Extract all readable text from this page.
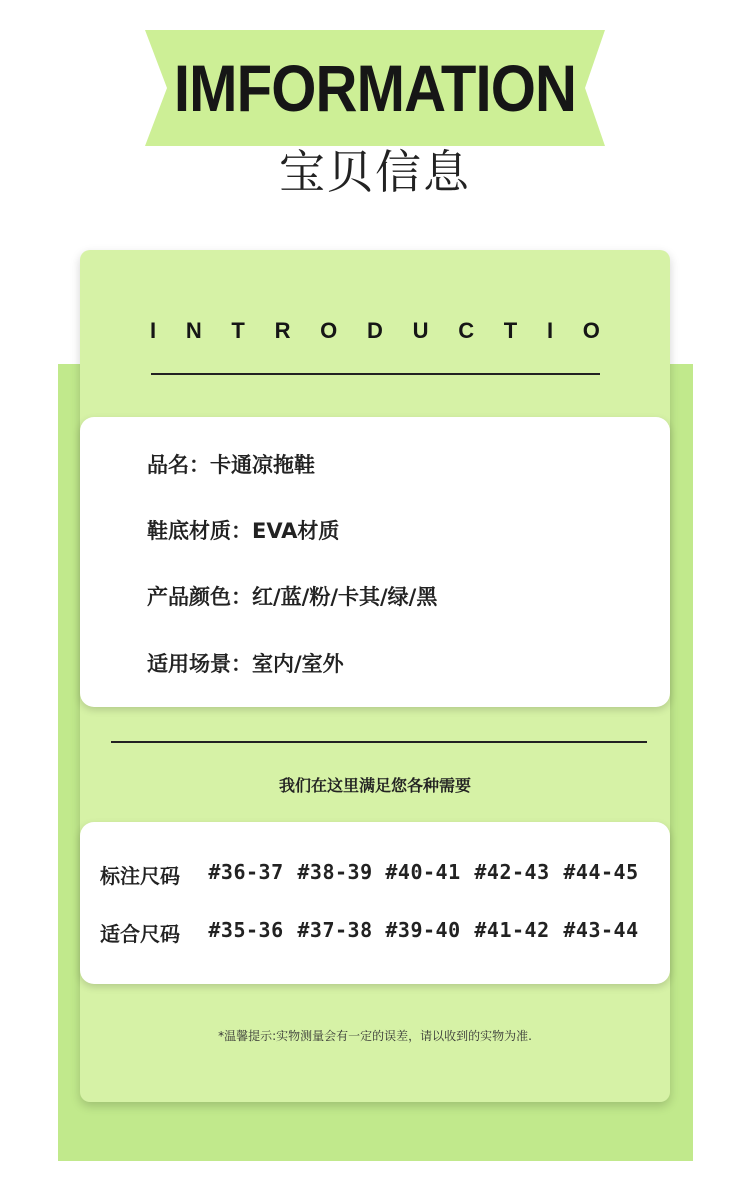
IMFORMATION
宝贝信息
I N T R O D U C T I O
品名：卡通凉拖鞋
鞋底材质：EVA材质
产品颜色：红/蓝/粉/卡其/绿/黑
适用场景：室内/室外
我们在这里满足您各种需要
标注尺码	#36-37 #38-39 #40-41 #42-43 #44-45
适合尺码	#35-36 #37-38 #39-40 #41-42 #43-44
*温馨提示:实物测量会有一定的误差，请以收到的实物为准.
